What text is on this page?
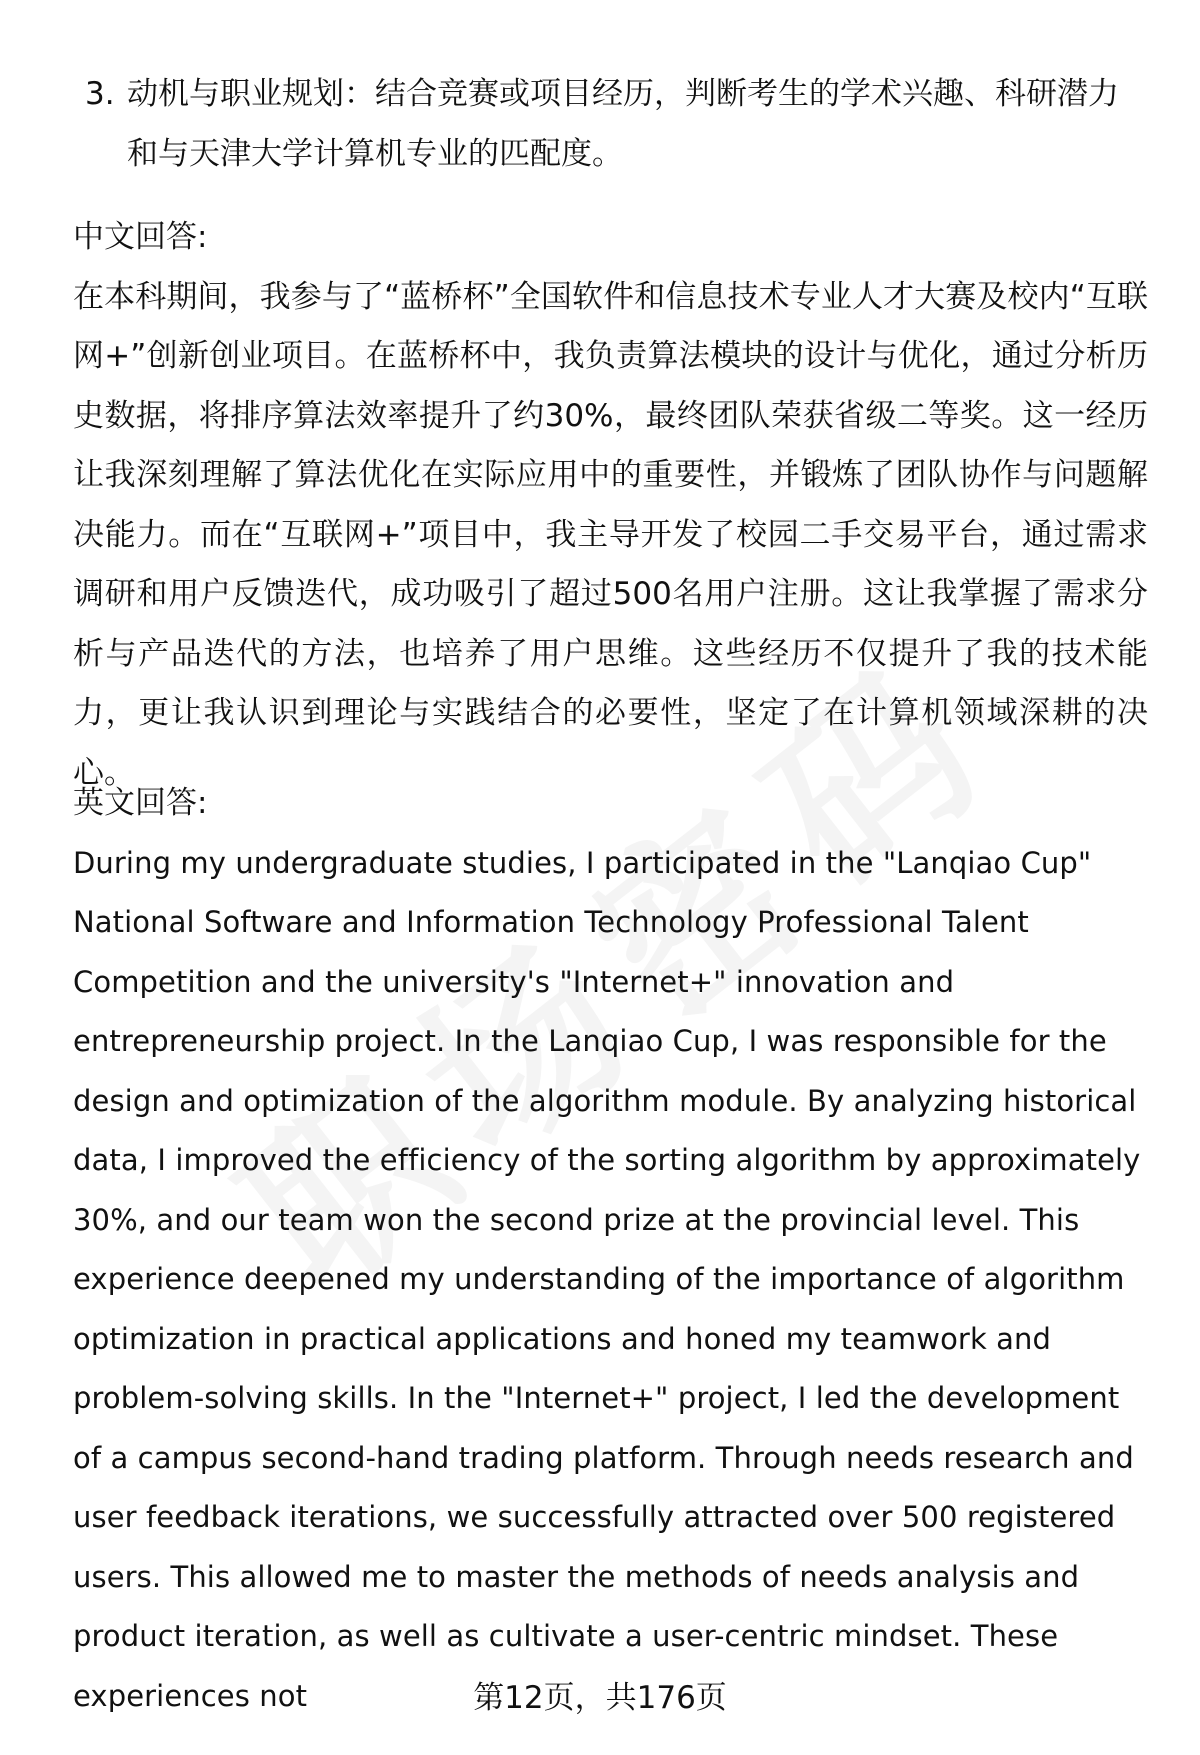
3. 动机与职业规划：结合竞赛或项目经历，判断考生的学术兴趣、科研潜力和与天津大学计算机专业的匹配度。
中文回答:
在本科期间，我参与了“蓝桥杯”全国软件和信息技术专业人才大赛及校内“互联网+”创新创业项目。在蓝桥杯中，我负责算法模块的设计与优化，通过分析历史数据，将排序算法效率提升了约30%，最终团队荣获省级二等奖。这一经历让我深刻理解了算法优化在实际应用中的重要性，并锻炼了团队协作与问题解决能力。而在“互联网+”项目中，我主导开发了校园二手交易平台，通过需求调研和用户反馈迭代，成功吸引了超过500名用户注册。这让我掌握了需求分析与产品迭代的方法，也培养了用户思维。这些经历不仅提升了我的技术能力，更让我认识到理论与实践结合的必要性，坚定了在计算机领域深耕的决心。
英文回答:
During my undergraduate studies, I participated in the "Lanqiao Cup" National Software and Information Technology Professional Talent Competition and the university's "Internet+" innovation and entrepreneurship project. In the Lanqiao Cup, I was responsible for the design and optimization of the algorithm module. By analyzing historical data, I improved the efficiency of the sorting algorithm by approximately 30%, and our team won the second prize at the provincial level. This experience deepened my understanding of the importance of algorithm optimization in practical applications and honed my teamwork and problem-solving skills. In the "Internet+" project, I led the development of a campus second-hand trading platform. Through needs research and user feedback iterations, we successfully attracted over 500 registered users. This allowed me to master the methods of needs analysis and product iteration, as well as cultivate a user-centric mindset. These experiences not	第12页，共176页
